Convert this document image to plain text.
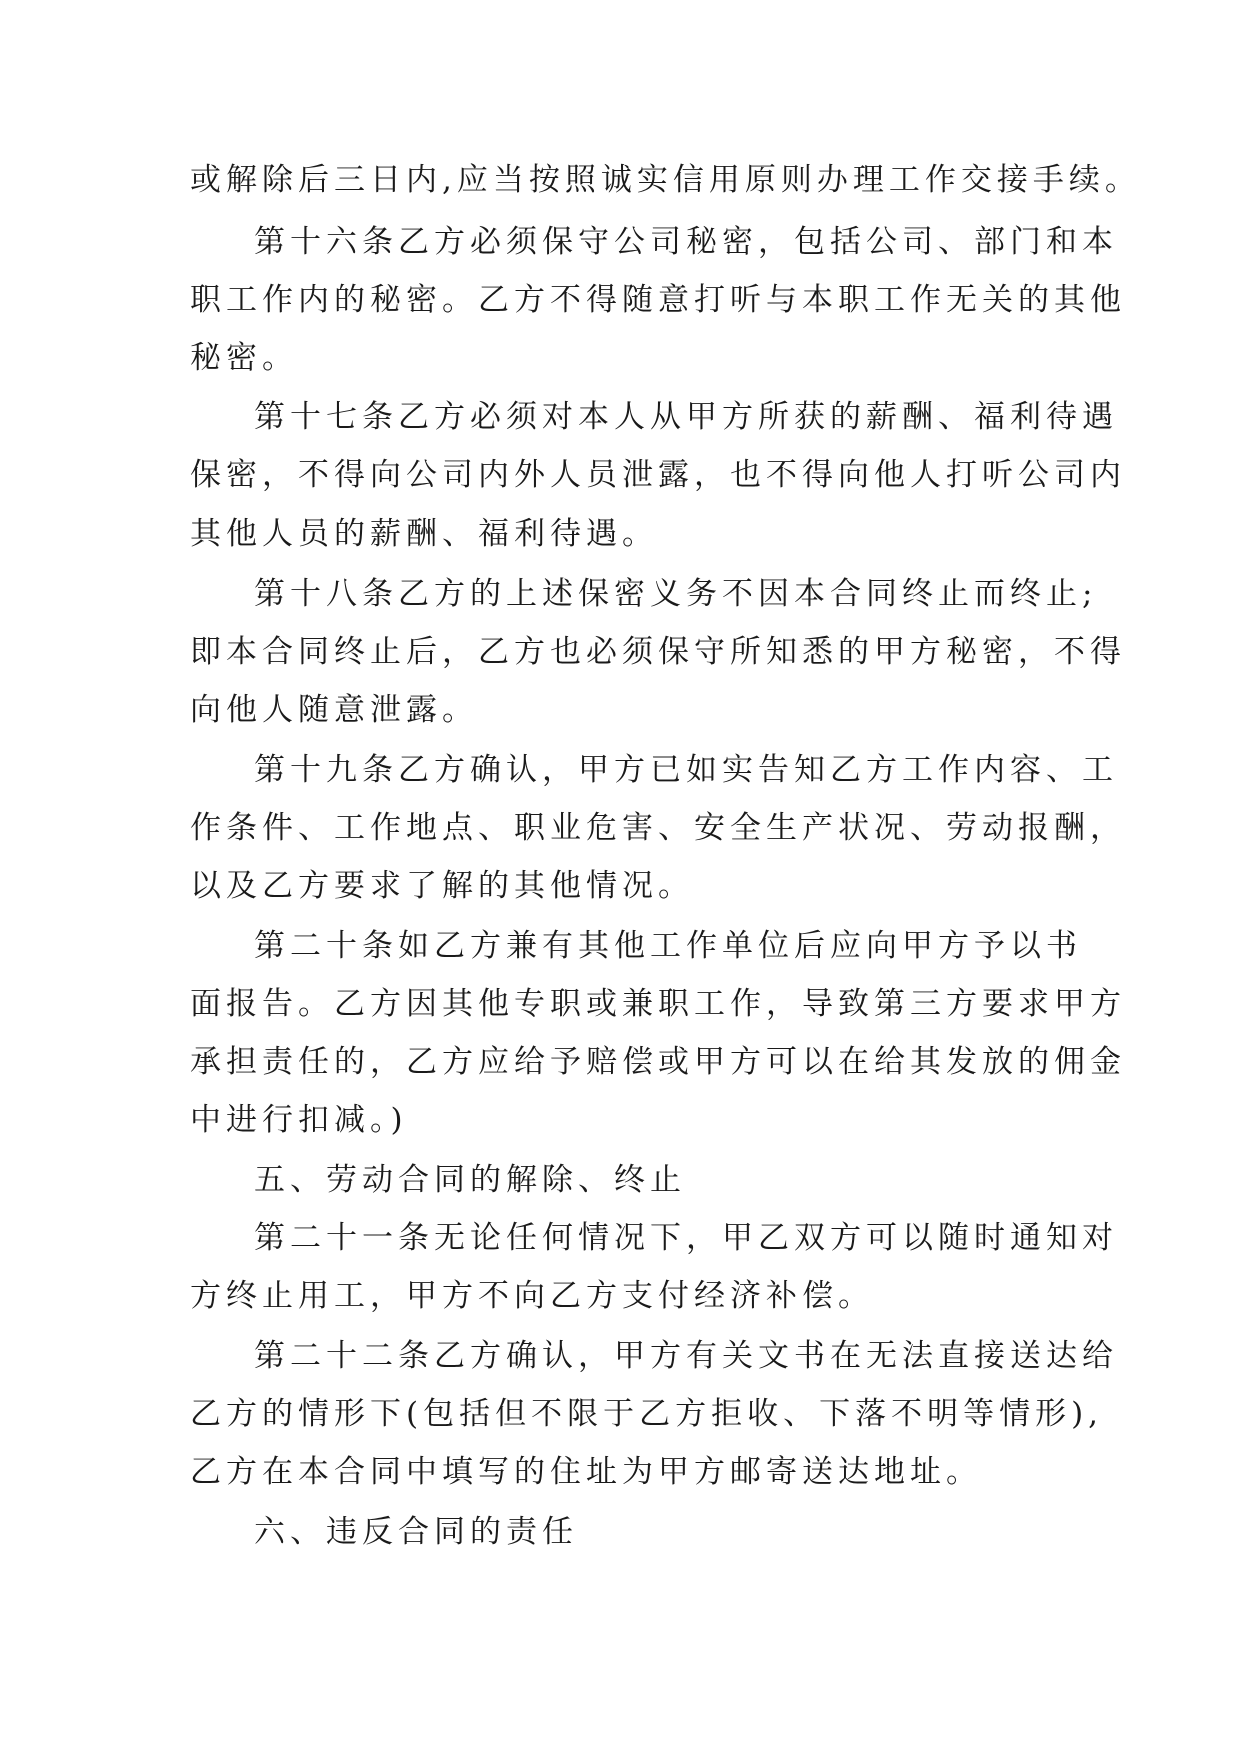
或解除后三日内,应当按照诚实信用原则办理工作交接手续。
第十六条乙方必须保守公司秘密，包括公司、部门和本
职工作内的秘密。乙方不得随意打听与本职工作无关的其他
秘密。
第十七条乙方必须对本人从甲方所获的薪酬、福利待遇
保密，不得向公司内外人员泄露，也不得向他人打听公司内
其他人员的薪酬、福利待遇。
第十八条乙方的上述保密义务不因本合同终止而终止;
即本合同终止后，乙方也必须保守所知悉的甲方秘密，不得
向他人随意泄露。
第十九条乙方确认，甲方已如实告知乙方工作内容、工
作条件、工作地点、职业危害、安全生产状况、劳动报酬，
以及乙方要求了解的其他情况。
第二十条如乙方兼有其他工作单位后应向甲方予以书
面报告。乙方因其他专职或兼职工作，导致第三方要求甲方
承担责任的，乙方应给予赔偿或甲方可以在给其发放的佣金
中进行扣减。)
五、劳动合同的解除、终止
第二十一条无论任何情况下，甲乙双方可以随时通知对
方终止用工，甲方不向乙方支付经济补偿。
第二十二条乙方确认，甲方有关文书在无法直接送达给
乙方的情形下(包括但不限于乙方拒收、下落不明等情形),
乙方在本合同中填写的住址为甲方邮寄送达地址。
六、违反合同的责任
